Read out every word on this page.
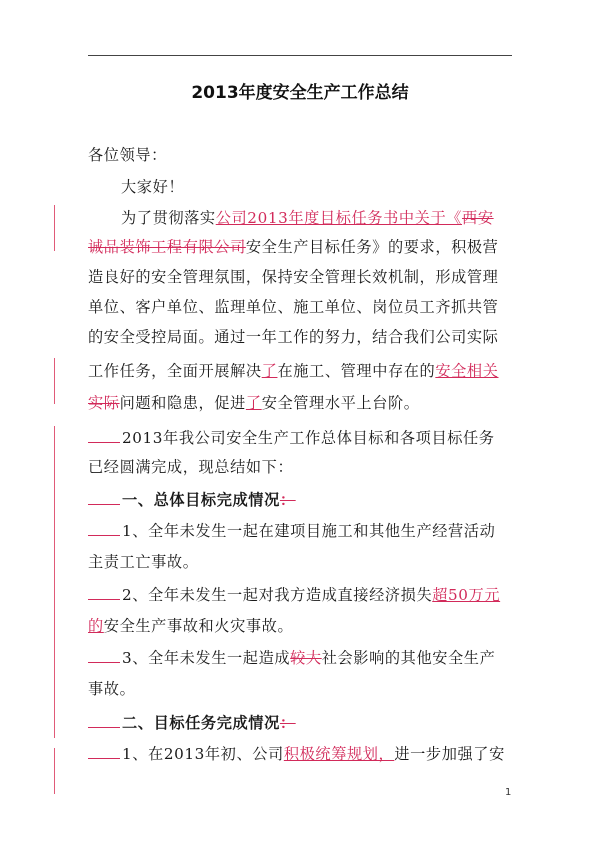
2013年度安全生产工作总结
各位领导：
大家好！
为了贯彻落实公司2013年度目标任务书中关于《西安
诚品装饰工程有限公司安全生产目标任务》的要求，积极营
造良好的安全管理氛围，保持安全管理长效机制，形成管理
单位、客户单位、监理单位、施工单位、岗位员工齐抓共管
的安全受控局面。通过一年工作的努力，结合我们公司实际
工作任务，全面开展解决了在施工、管理中存在的安全相关
实际问题和隐患，促进了安全管理水平上台阶。
2013年我公司安全生产工作总体目标和各项目标任务
已经圆满完成，现总结如下：
一、总体目标完成情况：
1、全年未发生一起在建项目施工和其他生产经营活动
主责工亡事故。
2、全年未发生一起对我方造成直接经济损失超50万元
的安全生产事故和火灾事故。
3、全年未发生一起造成较大社会影响的其他安全生产
事故。
二、目标任务完成情况：
1、在2013年初、公司积极统筹规划，进一步加强了安
1
